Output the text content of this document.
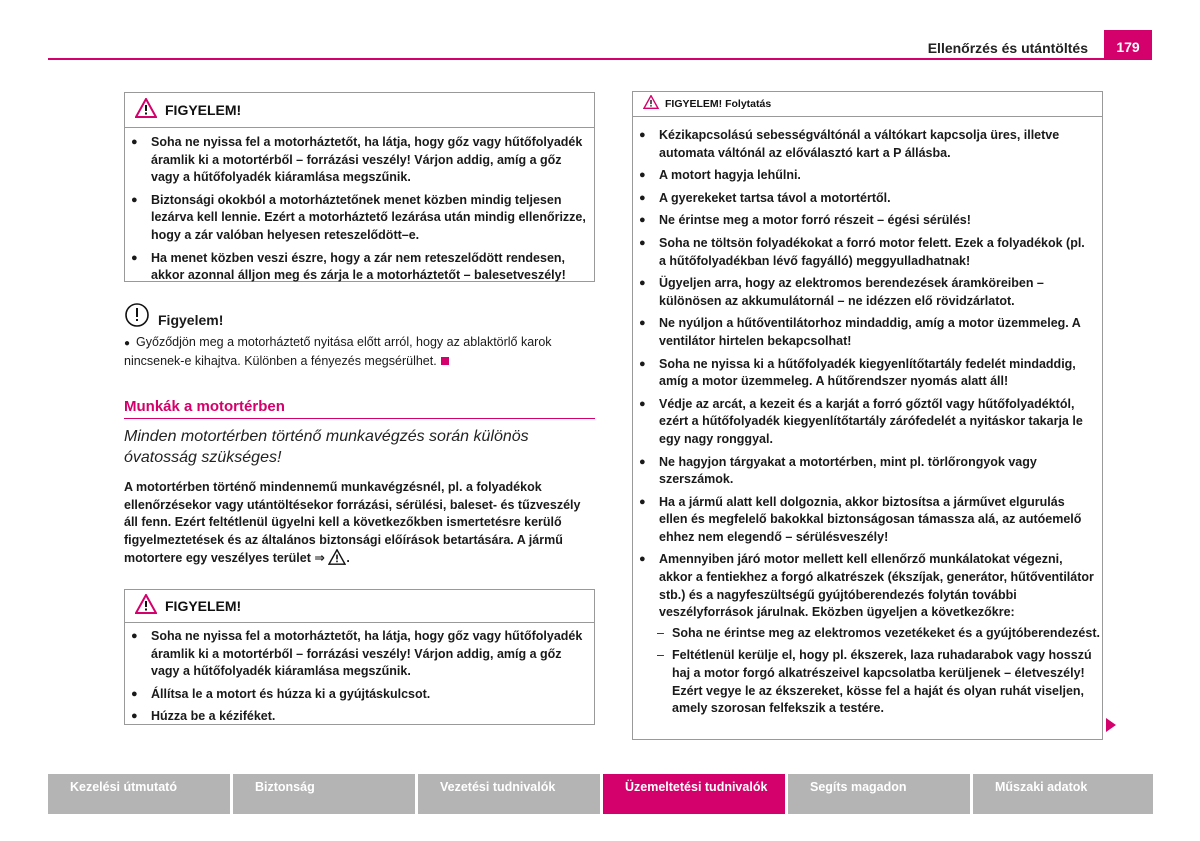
Ellenőrzés és utántöltés	179
FIGYELEM!
● Soha ne nyissa fel a motorháztetőt, ha látja, hogy gőz vagy hűtőfolyadék áramlik ki a motortérből – forrázási veszély! Várjon addig, amíg a gőz vagy a hűtőfolyadék kiáramlása megszűnik.
● Biztonsági okokból a motorháztetőnek menet közben mindig teljesen lezárva kell lennie. Ezért a motorháztető lezárása után mindig ellenőrizze, hogy a zár valóban helyesen reteszelődött–e.
● Ha menet közben veszi észre, hogy a zár nem reteszelődött rendesen, akkor azonnal álljon meg és zárja le a motorháztetőt – balesetveszély!
Figyelem!
● Győződjön meg a motorháztető nyitása előtt arról, hogy az ablaktörlő karok nincsenek-e kihajtva. Különben a fényezés megsérülhet.
Munkák a motortérben
Minden motortérben történő munkavégzés során különös óvatosság szükséges!
A motortérben történő mindennemű munkavégzésnél, pl. a folyadékok ellenőrzésekor vagy utántöltésekor forrázási, sérülési, baleset- és tűzveszély áll fenn. Ezért feltétlenül ügyelni kell a következőkben ismertetésre kerülő figyelmeztetések és az általános biztonsági előírások betartására. A jármű motortere egy veszélyes terület ⇒ .
FIGYELEM!
● Soha ne nyissa fel a motorháztetőt, ha látja, hogy gőz vagy hűtőfolyadék áramlik ki a motortérből – forrázási veszély! Várjon addig, amíg a gőz vagy a hűtőfolyadék kiáramlása megszűnik.
● Állítsa le a motort és húzza ki a gyújtáskulcsot.
● Húzza be a kéziféket.
FIGYELEM! Folytatás
● Kézikapcsolású sebességváltónál a váltókart kapcsolja üres, illetve automata váltónál az előválasztó kart a P állásba.
● A motort hagyja lehűlni.
● A gyerekeket tartsa távol a motortértől.
● Ne érintse meg a motor forró részeit – égési sérülés!
● Soha ne töltsön folyadékokat a forró motor felett. Ezek a folyadékok (pl. a hűtőfolyadékban lévő fagyálló) meggyulladhatnak!
● Ügyeljen arra, hogy az elektromos berendezések áramköreiben – különösen az akkumulátornál – ne idézzen elő rövidzárlatot.
● Ne nyúljon a hűtőventilátorhoz mindaddig, amíg a motor üzemmeleg. A ventilátor hirtelen bekapcsolhat!
● Soha ne nyissa ki a hűtőfolyadék kiegyenlítőtartály fedelét mindaddig, amíg a motor üzemmeleg. A hűtőrendszer nyomás alatt áll!
● Védje az arcát, a kezeit és a karját a forró gőztől vagy hűtőfolyadéktól, ezért a hűtőfolyadék kiegyenlítőtartály zárófedelét a nyitáskor takarja le egy nagy ronggyal.
● Ne hagyjon tárgyakat a motortérben, mint pl. törlőrongyok vagy szerszámok.
● Ha a jármű alatt kell dolgoznia, akkor biztosítsa a járművet elgurulás ellen és megfelelő bakokkal biztonságosan támassza alá, az autóemelő ehhez nem elegendő – sérülésveszély!
● Amennyiben járó motor mellett kell ellenőrző munkálatokat végezni, akkor a fentiekhez a forgó alkatrészek (ékszíjak, generátor, hűtőventilátor stb.) és a nagyfeszültségű gyújtóberendezés folytán további veszélyforrások járulnak. Eközben ügyeljen a következőkre:
– Soha ne érintse meg az elektromos vezetékeket és a gyújtóberendezést.
– Feltétlenül kerülje el, hogy pl. ékszerek, laza ruhadarabok vagy hosszú haj a motor forgó alkatrészeivel kapcsolatba kerüljenek – életveszély! Ezért vegye le az ékszereket, kösse fel a haját és olyan ruhát viseljen, amely szorosan felfekszik a testére.
Kezelési útmutató	Biztonság	Vezetési tudnivalók	Üzemeltetési tudnivalók	Segíts magadon	Műszaki adatok
